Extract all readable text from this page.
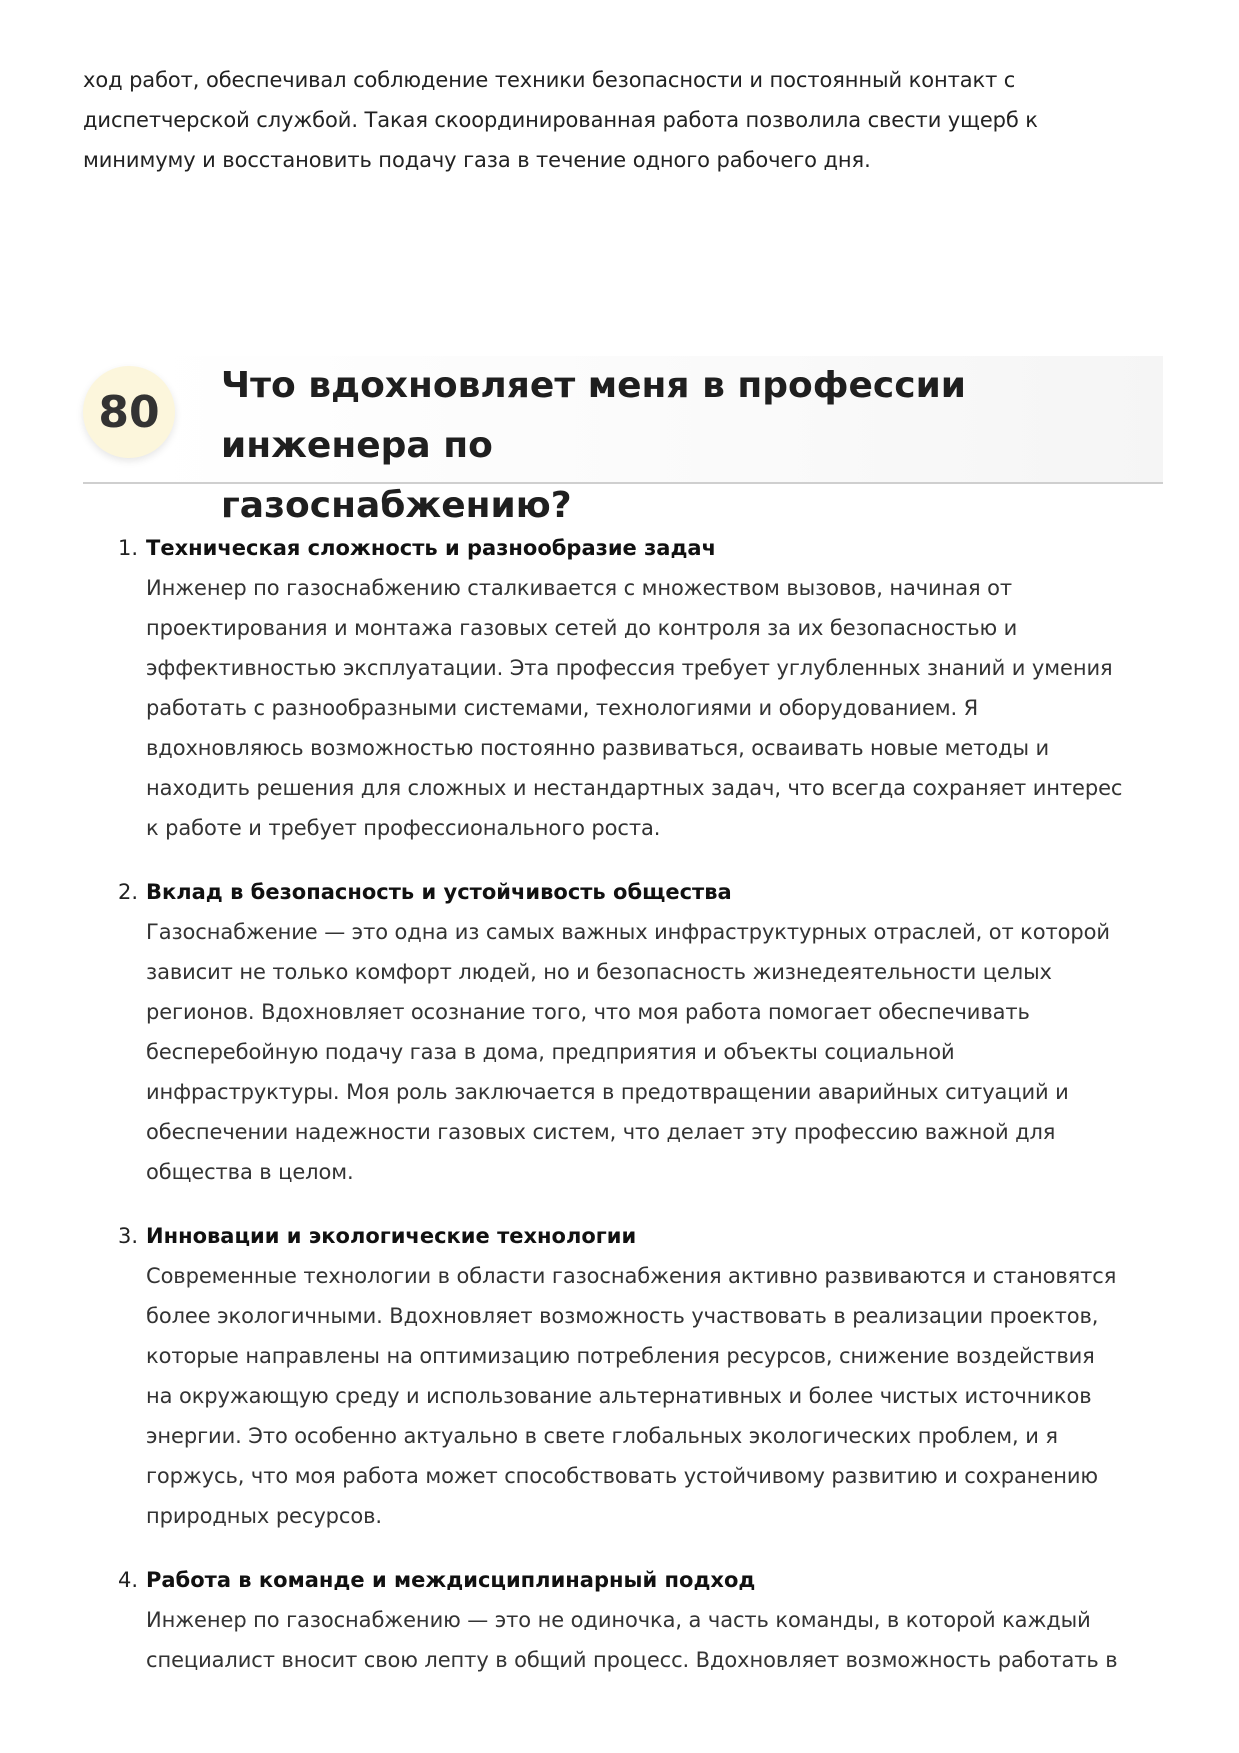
ход работ, обеспечивал соблюдение техники безопасности и постоянный контакт с
диспетчерской службой. Такая скоординированная работа позволила свести ущерб к
минимуму и восстановить подачу газа в течение одного рабочего дня.

80
Что вдохновляет меня в профессии инженера по
газоснабжению?
1. Техническая сложность и разнообразие задач
Инженер по газоснабжению сталкивается с множеством вызовов, начиная от
проектирования и монтажа газовых сетей до контроля за их безопасностью и
эффективностью эксплуатации. Эта профессия требует углубленных знаний и умения
работать с разнообразными системами, технологиями и оборудованием. Я
вдохновляюсь возможностью постоянно развиваться, осваивать новые методы и
находить решения для сложных и нестандартных задач, что всегда сохраняет интерес
к работе и требует профессионального роста.
2. Вклад в безопасность и устойчивость общества
Газоснабжение — это одна из самых важных инфраструктурных отраслей, от которой
зависит не только комфорт людей, но и безопасность жизнедеятельности целых
регионов. Вдохновляет осознание того, что моя работа помогает обеспечивать
бесперебойную подачу газа в дома, предприятия и объекты социальной
инфраструктуры. Моя роль заключается в предотвращении аварийных ситуаций и
обеспечении надежности газовых систем, что делает эту профессию важной для
общества в целом.
3. Инновации и экологические технологии
Современные технологии в области газоснабжения активно развиваются и становятся
более экологичными. Вдохновляет возможность участвовать в реализации проектов,
которые направлены на оптимизацию потребления ресурсов, снижение воздействия
на окружающую среду и использование альтернативных и более чистых источников
энергии. Это особенно актуально в свете глобальных экологических проблем, и я
горжусь, что моя работа может способствовать устойчивому развитию и сохранению
природных ресурсов.
4. Работа в команде и междисциплинарный подход
Инженер по газоснабжению — это не одиночка, а часть команды, в которой каждый
специалист вносит свою лепту в общий процесс. Вдохновляет возможность работать в
